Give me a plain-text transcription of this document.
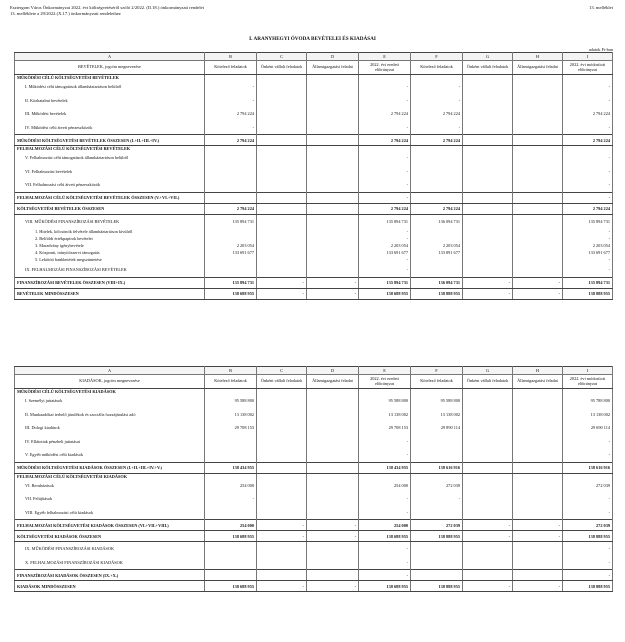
Esztergom Város Önkormányzat 2022. évi költségvetéséről szóló 2/2022. (II.18.) önkormányzati rendelet
13. melléklete a 29/2022.(X.17.) önkormányzati rendelethez
13. melléklet
I. ARANYHEGYI ÓVODA BEVÉTELEI ÉS KIADÁSAI
adatok Ft-ban
A	B	C	D	E	F	G	H	I
BEVÉTELEK, jogcím megnevezése	Kötelező feladatok	Önként vállalt feladatok	Államigazgatási feladat	2022. évi eredeti előirányzat	Kötelező feladatok	Önként vállalt feladatok	Államigazgatási feladat	2022. évi módosított előirányzat
MŰKÖDÉSI CÉLÚ KÖLTSÉGVETÉSI BEVÉTELEK								
I. Működési célú támogatások államháztartáson belülről	-			-	-			-
II. Közhatalmi bevételek	-			-	-			-
III. Működési bevételek	2 794 224			2 794 224	2 794 224			2 794 224
IV. Működési célú átvett pénzeszközök	-			-	-			-
MŰKÖDÉSI KÖLTSÉGVETÉSI BEVÉTELEK ÖSSZESEN (I.+II.+III.+IV.)	2 794 224			2 794 224	2 794 224			2 794 224
FELHALMOZÁSI CÉLÚ KÖLTSÉGVETÉSI BEVÉTELEK								
V. Felhalmozási célú támogatások államháztartáson belülről				-				-
VI. Felhalmozási bevételek				-				-
VII. Felhalmozási célú átvett pénzeszközök				-				-
FELHALMOZÁSI CÉLÚ KÖLTSÉGVETÉSI BEVÉTELEK ÖSSZESEN (V.+VI.+VII.)				-				-
KÖLTSÉGVETÉSI BEVÉTELEK ÖSSZESEN	2 794 224			2 794 224	2 794 224			2 794 224
VIII. MŰKÖDÉSI FINANSZÍROZÁSI BEVÉTELEK	135 894 731			135 894 731	136 094 731			135 894 731
1. Hitelek, kölcsönök felvétele államháztartáson kívülről				-				-
2. Belföldi értékpapírok bevételei				-				-
3. Maradvány igénybevétele	2 203 054			2 203 054	2 203 054			2 203 054
4. Központi, irányítószervi támogatás	133 691 677			133 691 677	133 891 677			133 691 677
5. Lekötött bankbetétek megszüntetése				-				-
IX. FELHALMOZÁSI FINANSZÍROZÁSI BEVÉTELEK				-				-
FINANSZÍROZÁSI BEVÉTELEK ÖSSZESEN (VIII+IX.)	135 894 731	-	-	135 894 731	136 094 731	-	-	135 894 731
BEVÉTELEK MINDÖSSZESEN	138 688 955	-	-	138 688 955	138 888 955	-	-	138 888 955
A	B	C	D	E	F	G	H	I
KIADÁSOK, jogcím megnevezése	Kötelező feladatok	Önként vállalt feladatok	Államigazgatási feladat	2022. évi eredeti előirányzat	Kötelező feladatok	Önként vállalt feladatok	Államigazgatási feladat	2022. évi módosított előirányzat
MŰKÖDÉSI CÉLÚ KÖLTSÉGVETÉSI KIADÁSOK								
I. Személyi juttatások	95 588 800			95 588 800	95 588 800			95 788 800
II. Munkaadókat terhelő járulékok és szociális hozzájárulási adó	13 138 002			13 138 002	13 138 002			13 138 002
III. Dologi kiadások	29 708 153			29 708 153	29 890 114			29 690 114
IV. Ellátottak pénzbeli juttatásai				-				-
V. Egyéb működési célú kiadások				-				-
MŰKÖDÉSI KÖLTSÉGVETÉSI KIADÁSOK ÖSSZESEN (I.+II.+III.+IV.+V.)	138 434 955			138 434 955	138 616 916			138 616 916
FELHALMOZÁSI CÉLÚ KÖLTSÉGVETÉSI KIADÁSOK								
VI. Beruházások	254 000			254 000	272 039			272 039
VII. Felújítások	-			-	-			-
VIII. Egyéb felhalmozási célú kiadások				-				-
FELHALMOZÁSI KÖLTSÉGVETÉSI KIADÁSOK ÖSSZESEN (VI.+VII.+VIII.)	254 000	-	-	254 000	272 039	-	-	272 039
KÖLTSÉGVETÉSI KIADÁSOK ÖSSZESEN	138 688 955	-	-	138 688 955	138 888 955	-	-	138 888 955
IX. MŰKÖDÉSI FINANSZÍROZÁSI KIADÁSOK				-				-
X. FELHALMOZÁSI FINANSZÍROZÁSI KIADÁSOK				-				-
FINANSZÍROZÁSI KIADÁSOK ÖSSZESEN (IX.+X.)				-				-
KIADÁSOK MINDÖSSZESEN	138 688 955	-	-	138 688 955	138 888 955	-	-	138 888 955
